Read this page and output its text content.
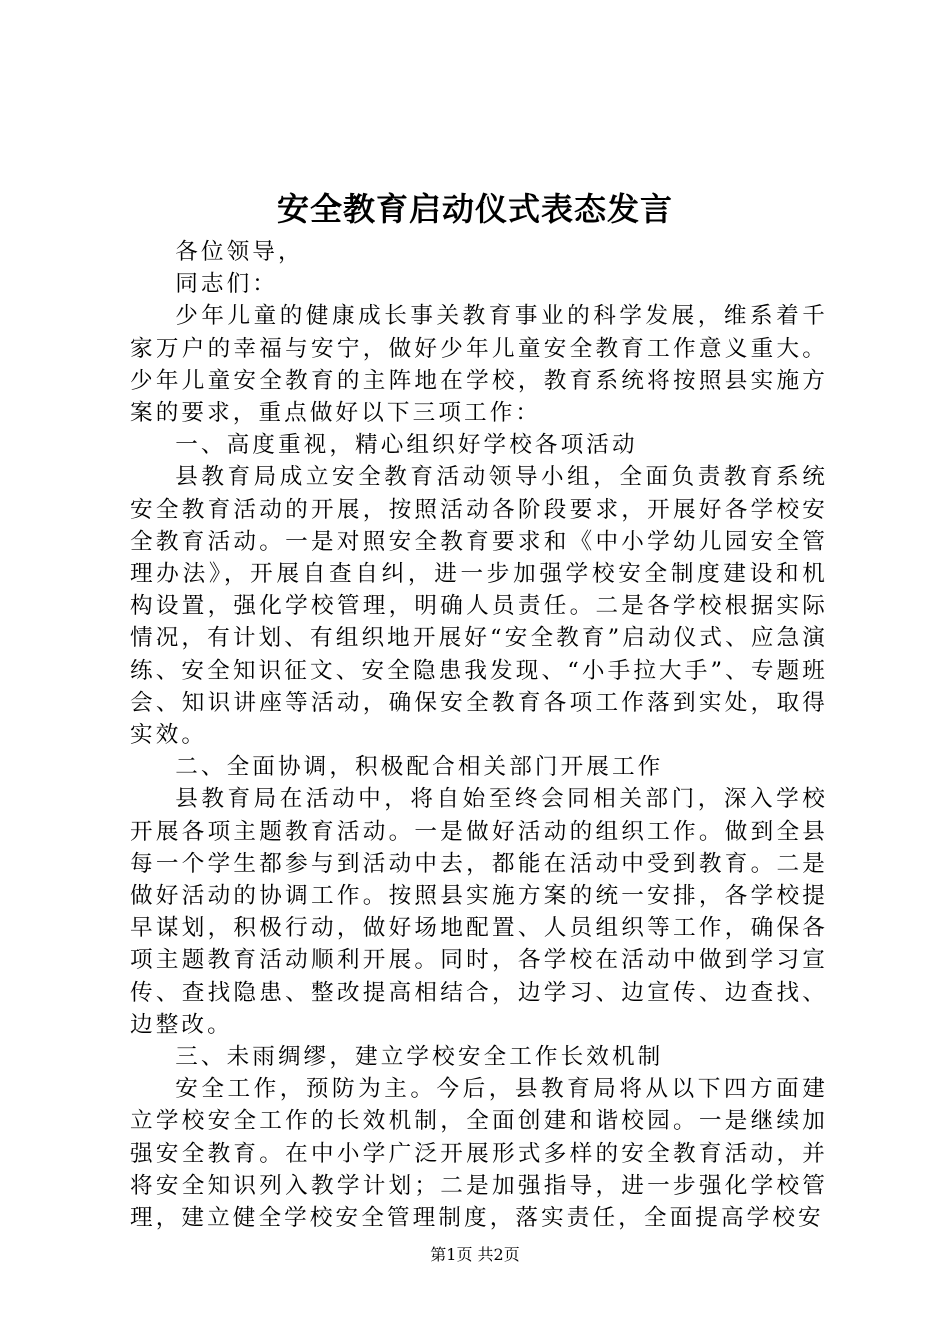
安全教育启动仪式表态发言

各位领导，

同志们：

少年儿童的健康成长事关教育事业的科学发展，维系着千家万户的幸福与安宁，做好少年儿童安全教育工作意义重大。少年儿童安全教育的主阵地在学校，教育系统将按照县实施方案的要求，重点做好以下三项工作：

一、高度重视，精心组织好学校各项活动

县教育局成立安全教育活动领导小组，全面负责教育系统安全教育活动的开展，按照活动各阶段要求，开展好各学校安全教育活动。一是对照安全教育要求和《中小学幼儿园安全管理办法》，开展自查自纠，进一步加强学校安全制度建设和机构设置，强化学校管理，明确人员责任。二是各学校根据实际情况，有计划、有组织地开展好“安全教育”启动仪式、应急演练、安全知识征文、安全隐患我发现、“小手拉大手”、专题班会、知识讲座等活动，确保安全教育各项工作落到实处，取得实效。

二、全面协调，积极配合相关部门开展工作

县教育局在活动中，将自始至终会同相关部门，深入学校开展各项主题教育活动。一是做好活动的组织工作。做到全县每一个学生都参与到活动中去，都能在活动中受到教育。二是做好活动的协调工作。按照县实施方案的统一安排，各学校提早谋划，积极行动，做好场地配置、人员组织等工作，确保各项主题教育活动顺利开展。同时，各学校在活动中做到学习宣传、查找隐患、整改提高相结合，边学习、边宣传、边查找、边整改。

三、未雨绸缪，建立学校安全工作长效机制

安全工作，预防为主。今后，县教育局将从以下四方面建立学校安全工作的长效机制，全面创建和谐校园。一是继续加强安全教育。在中小学广泛开展形式多样的安全教育活动，并将安全知识列入教学计划；二是加强指导，进一步强化学校管理，建立健全学校安全管理制度，落实责任，全面提高学校安

第1页 共2页
